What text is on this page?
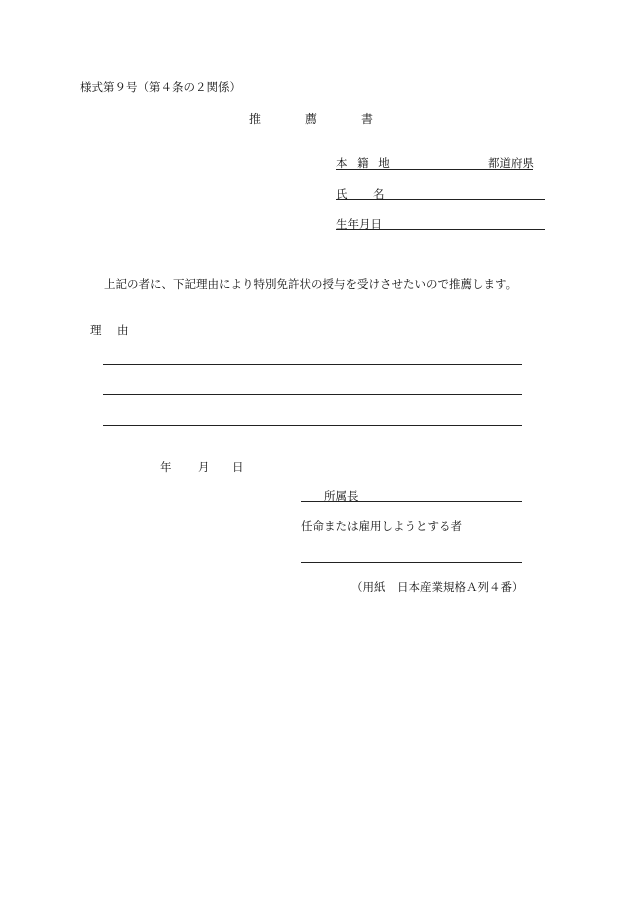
様式第９号（第４条の２関係）
推	薦	書
本 籍 地	都道府県
氏 名
生年月日
上記の者に、下記理由により特別免許状の授与を受けさせたいので推薦します。
理 由
年 月 日
所属長
任命または雇用しようとする者
（用紙　日本産業規格Ａ列４番）
